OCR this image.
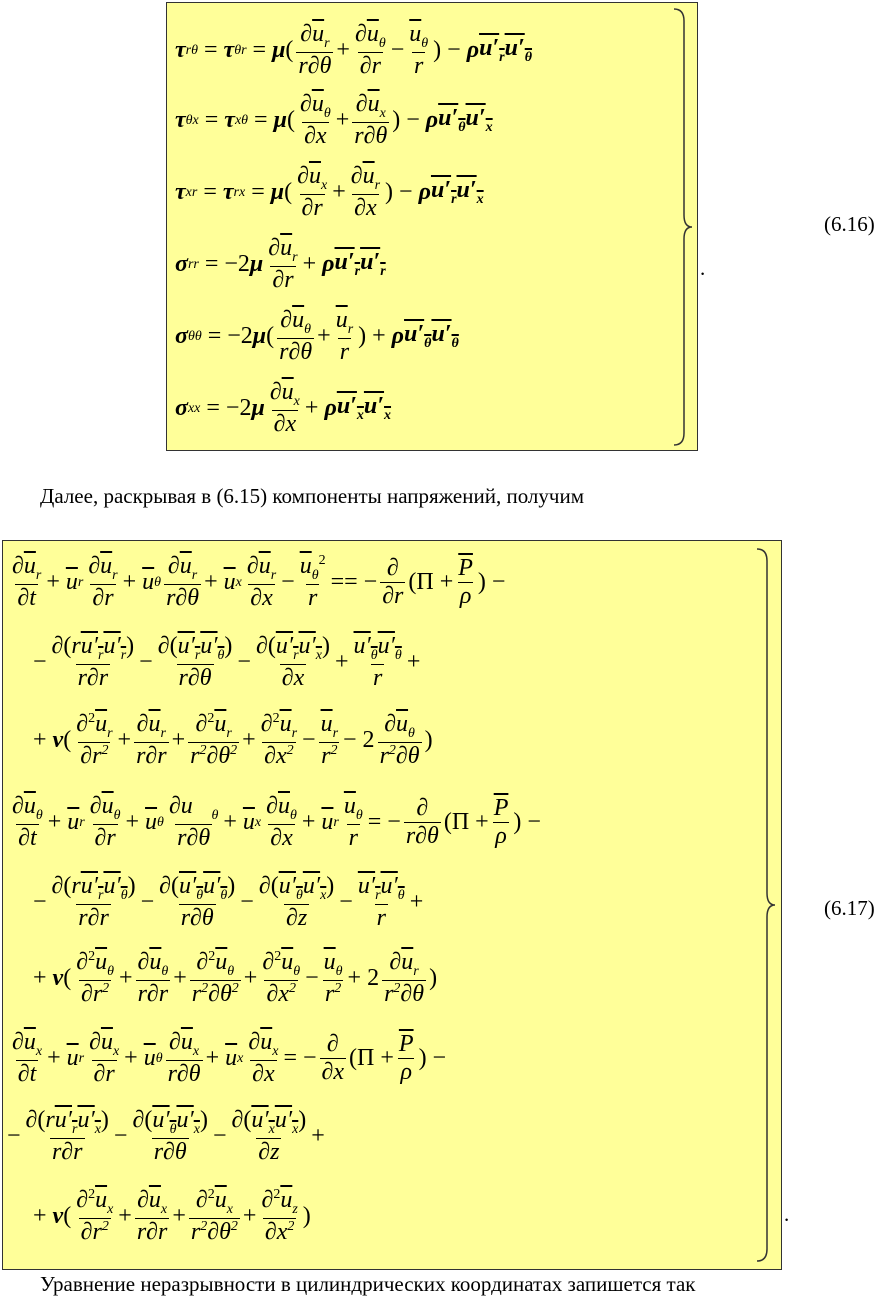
τ rθ = τ θr = μ ( $\frac{\partial\overline{u}_r}{r\partial\theta} + \frac{\partial\overline{u}_\theta}{\partial r} - \frac{\overline{u}_\theta}{r}$ ) − ρ $u'_ru'_\theta$
τ θx = τ xθ = μ ( $\frac{\partial\overline{u}_\theta}{\partial x} + \frac{\partial\overline{u}_x}{r\partial\theta}$ ) − ρ $u'_\theta u'_x$
τ xr = τ rx = μ ( $\frac{\partial\overline{u}_x}{\partial r} + \frac{\partial\overline{u}_r}{\partial x}$ ) − ρ $u'_ru'_x$
σ rr = −2 μ $\frac{\partial\overline{u}_r}{\partial r} + \rho$ $u'_ru'_r$
σ θθ = −2 μ ( $\frac{\partial\overline{u}_\theta}{r\partial\theta} + \frac{\overline{u}_r}{r}$ ) + ρ $u'_\theta u'_\theta$
σ xx = −2 μ $\frac{\partial\overline{u}_x}{\partial x} + \rho$ $u'_xu'_x$
.
(6.16)
Далее, раскрывая в (6.15) компоненты напряжений, получим
$\frac{\partial\overline{u}_r}{\partial t} + \overline{u}$ r $\frac{\partial\overline{u}_r}{\partial r} + \overline{u}$ θ $\frac{\partial\overline{u}_r}{r\partial\theta} + \overline{u}$ x $\frac{\partial\overline{u}_r}{\partial x} - \frac{\overline{u}_\theta^2}{r}$ == − $\frac{\partial}{\partial r} (\Pi + \frac{\overline{P}}{\rho}$ ) −
− $\frac{\partial(ru'_ru'_r)}{r\partial r} - \frac{\partial(u'_ru'_\theta)}{r\partial\theta} - \frac{\partial(u'_ru'_x)}{\partial x} + \frac{u'_\theta u'_\theta}{r}$ +
+ ν ( $\frac{\partial^2\overline{u}_r}{\partial r^2} + \frac{\partial\overline{u}_r}{r\partial r} + \frac{\partial^2\overline{u}_r}{r^2\partial\theta^2} + \frac{\partial^2\overline{u}_r}{\partial x^2} - \frac{\overline{u}_r}{r^2} - 2 \frac{\partial\overline{u}_\theta}{r^2\partial\theta}$ )
$\frac{\partial\overline{u}_\theta}{\partial t} + \overline{u}$ r $\frac{\partial\overline{u}_\theta}{\partial r} + \overline{u}$ θ $\frac{\partial u⃗_\theta}{r\partial\theta} + \overline{u}$ x $\frac{\partial\overline{u}_\theta}{\partial x} + \overline{u}$ r $\frac{\overline{u}_\theta}{r}$ = − $\frac{\partial}{r\partial\theta} (\Pi + \frac{\overline{P}}{\rho}$ ) −
− $\frac{\partial(ru'_ru'_\theta)}{r\partial r} - \frac{\partial(u'_\theta u'_\theta)}{r\partial\theta} - \frac{\partial(u'_\theta u'_x)}{\partial z} - \frac{u'_ru'_\theta}{r}$ +
+ ν ( $\frac{\partial^2\overline{u}_\theta}{\partial r^2} + \frac{\partial\overline{u}_\theta}{r\partial r} + \frac{\partial^2\overline{u}_\theta}{r^2\partial\theta^2} + \frac{\partial^2\overline{u}_\theta}{\partial x^2} - \frac{\overline{u}_\theta}{r^2} + 2 \frac{\partial\overline{u}_r}{r^2\partial\theta}$ )
$\frac{\partial\overline{u}_x}{\partial t} + \overline{u}$ r $\frac{\partial\overline{u}_x}{\partial r} + \overline{u}$ θ $\frac{\partial\overline{u}_x}{r\partial\theta} + \overline{u}$ x $\frac{\partial\overline{u}_x}{\partial x}$ = − $\frac{\partial}{\partial x} (\Pi + \frac{\overline{P}}{\rho}$ ) −
− $\frac{\partial(ru'_ru'_x)}{r\partial r} - \frac{\partial(u'_\theta u'_x)}{r\partial\theta} - \frac{\partial(u'_xu'_x)}{\partial z}$ +
+ ν ( $\frac{\partial^2\overline{u}_x}{\partial r^2} + \frac{\partial\overline{u}_x}{r\partial r} + \frac{\partial^2\overline{u}_x}{r^2\partial\theta^2} + \frac{\partial^2\overline{u}_z}{\partial x^2}$ )	.
(6.17)
Уравнение неразрывности в цилиндрических координатах запишется так
